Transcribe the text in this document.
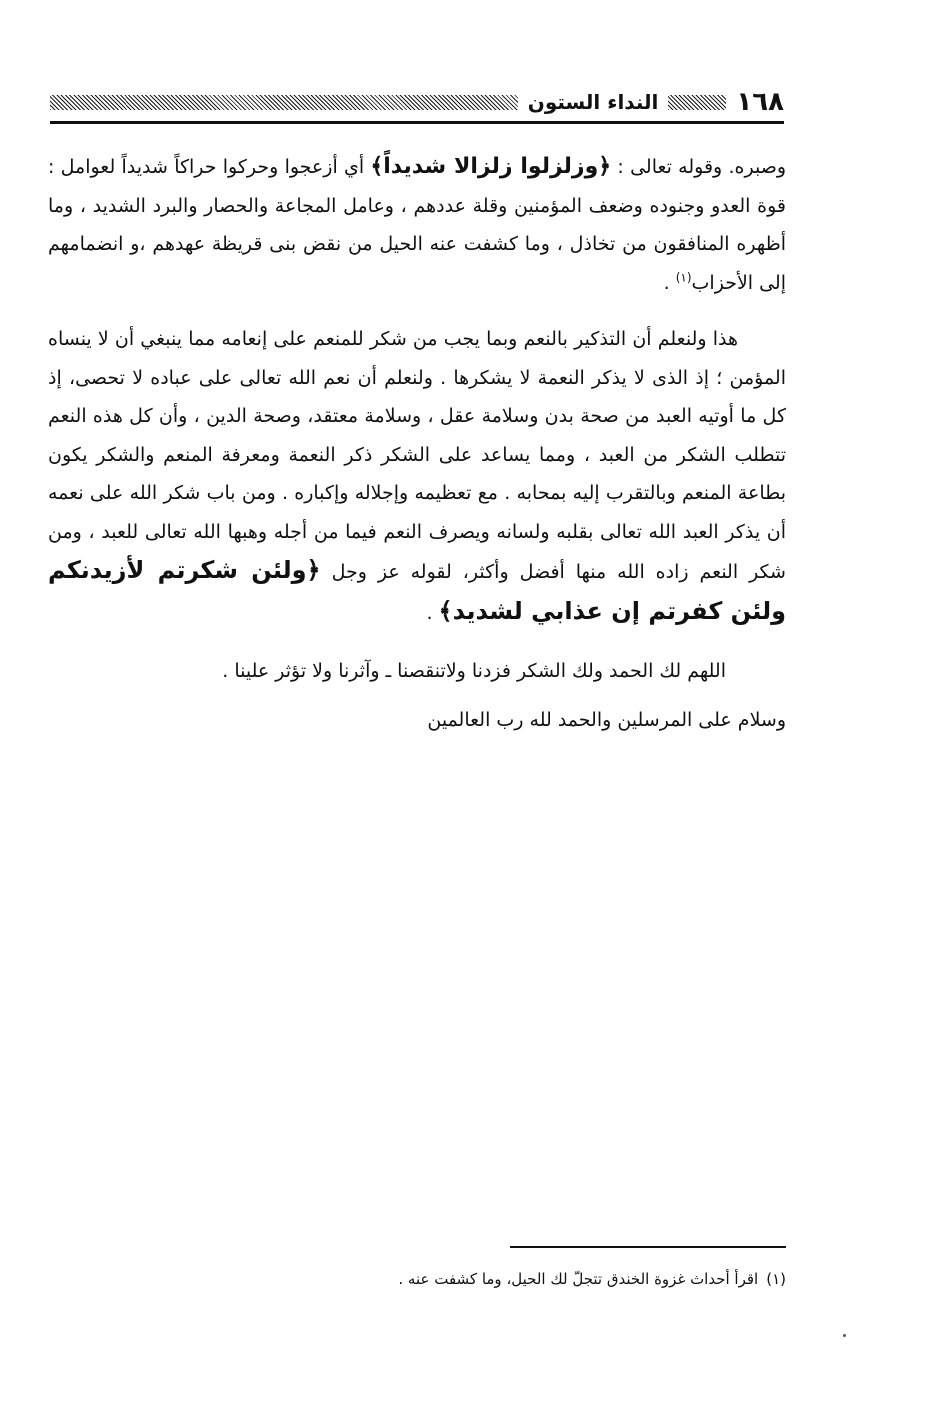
١٦٨
النداء الستون

وصبره. وقوله تعالى : ﴿وزلزلوا زلزالا شديداً﴾ أي أزعجوا وحركوا حراكاً شديداً لعوامل : قوة العدو وجنوده وضعف المؤمنين وقلة عددهم ، وعامل المجاعة والحصار والبرد الشديد ، وما أظهره المنافقون من تخاذل ، وما كشفت عنه الحيل من نقض بنى قريظة عهدهم ،و انضمامهم إلى الأحزاب$^{(١)}$ .

هذا ولنعلم أن التذكير بالنعم وبما يجب من شكر للمنعم على إنعامه مما ينبغي أن لا ينساه المؤمن ؛ إذ الذى لا يذكر النعمة لا يشكرها . ولنعلم أن نعم الله تعالى على عباده لا تحصى، إذ كل ما أوتيه العبد من صحة بدن وسلامة عقل ، وسلامة معتقد، وصحة الدين ، وأن كل هذه النعم تتطلب الشكر من العبد ، ومما يساعد على الشكر ذكر النعمة ومعرفة المنعم والشكر يكون بطاعة المنعم وبالتقرب إليه بمحابه . مع تعظيمه وإجلاله وإكباره . ومن باب شكر الله على نعمه أن يذكر العبد الله تعالى بقلبه ولسانه ويصرف النعم فيما من أجله وهبها الله تعالى للعبد ، ومن شكر النعم زاده الله منها أفضل وأكثر، لقوله عز وجل ﴿ولئن شكرتم لأزيدنكم ولئن كفرتم إن عذابي لشديد﴾ .

اللهم لك الحمد ولك الشكر فزدنا ولاتنقصنا ـ وآثرنا ولا تؤثر علينا .

وسلام على المرسلين والحمد لله رب العالمين

(١)اقرأ أحداث غزوة الخندق تتجلّ لك الحيل، وما كشفت عنه .
